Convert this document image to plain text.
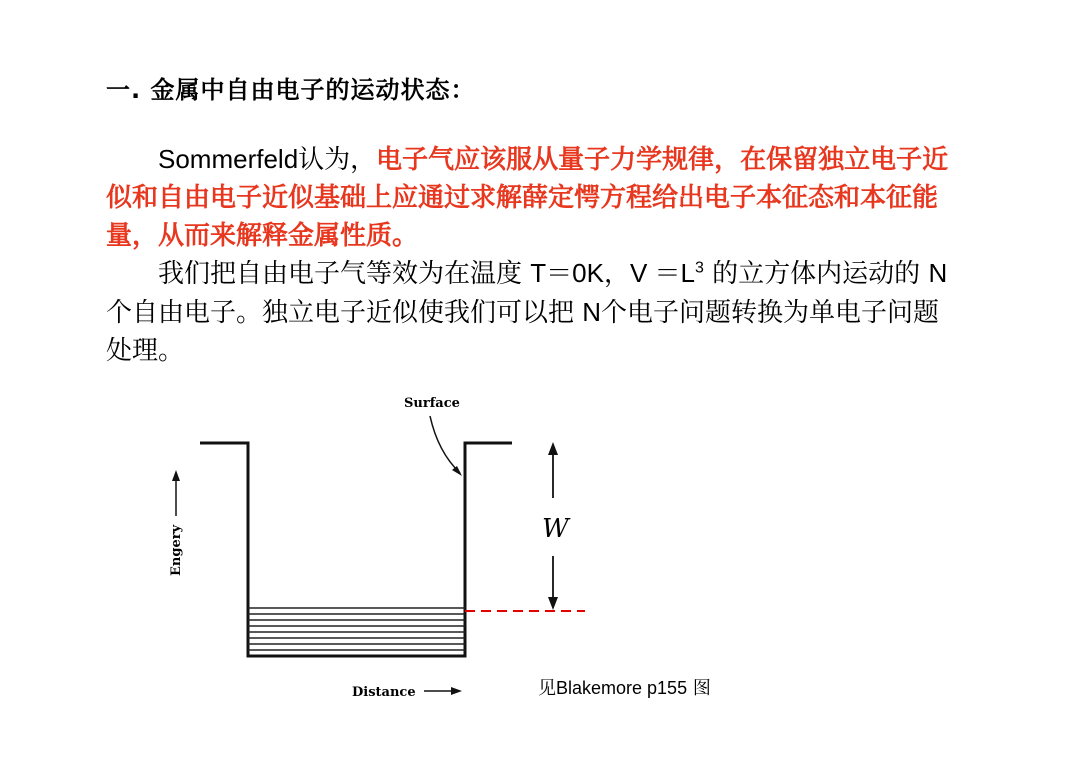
一. 金属中自由电子的运动状态：
Sommerfeld认为，电子气应该服从量子力学规律，在保留独立电子近似和自由电子近似基础上应通过求解薛定愕方程给出电子本征态和本征能量，从而来解释金属性质。
我们把自由电子气等效为在温度 T＝0K，$V =L^3$ 的立方体内运动的 N个自由电子。独立电子近似使我们可以把 N个电子问题转换为单电子问题处理。
Surface
W
Engery
Distance	见Blakemore p155 图
